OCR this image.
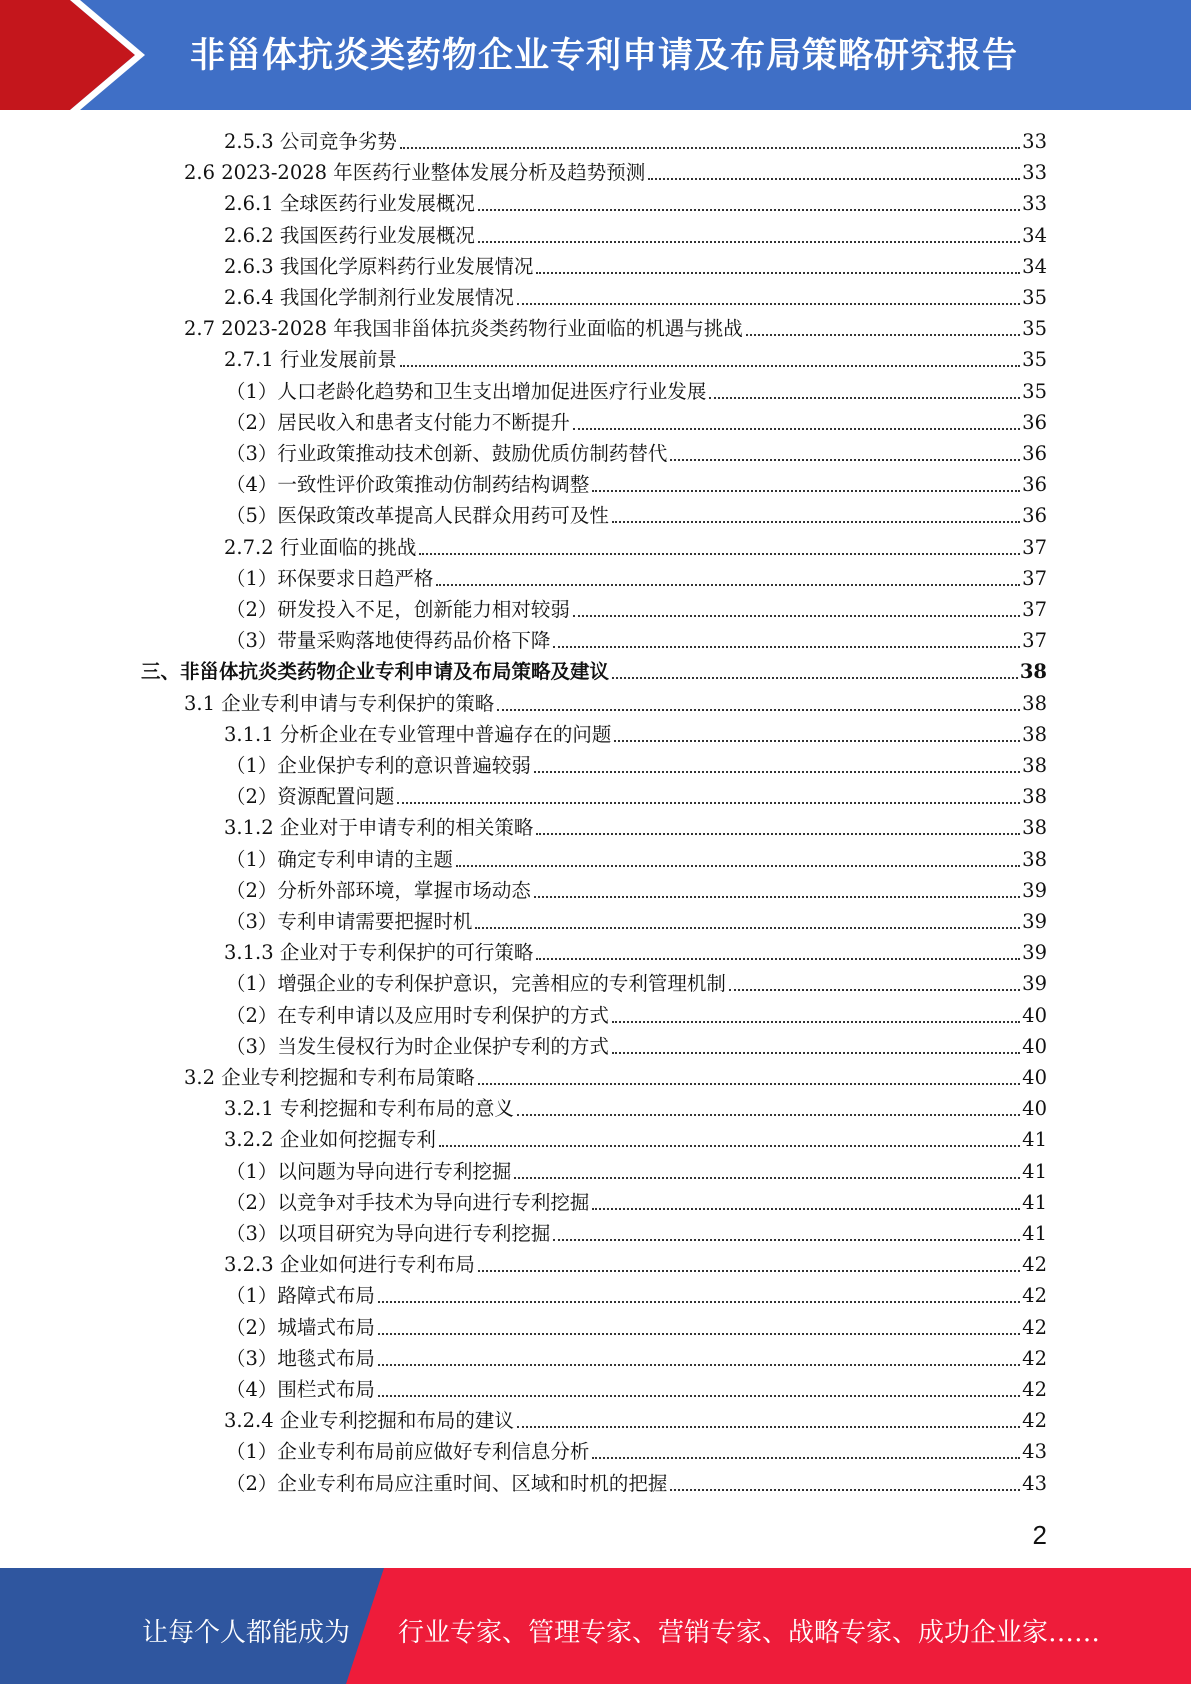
非甾体抗炎类药物企业专利申请及布局策略研究报告
2.5.3 公司竞争劣势	33
2.6 2023-2028 年医药行业整体发展分析及趋势预测	33
2.6.1 全球医药行业发展概况	33
2.6.2 我国医药行业发展概况	34
2.6.3 我国化学原料药行业发展情况	34
2.6.4 我国化学制剂行业发展情况	35
2.7 2023-2028 年我国非甾体抗炎类药物行业面临的机遇与挑战	35
2.7.1 行业发展前景	35
（1）人口老龄化趋势和卫生支出增加促进医疗行业发展	35
（2）居民收入和患者支付能力不断提升	36
（3）行业政策推动技术创新、鼓励优质仿制药替代	36
（4）一致性评价政策推动仿制药结构调整	36
（5）医保政策改革提高人民群众用药可及性	36
2.7.2 行业面临的挑战	37
（1）环保要求日趋严格	37
（2）研发投入不足，创新能力相对较弱	37
（3）带量采购落地使得药品价格下降	37
三、非甾体抗炎类药物企业专利申请及布局策略及建议	38
3.1 企业专利申请与专利保护的策略	38
3.1.1 分析企业在专业管理中普遍存在的问题	38
（1）企业保护专利的意识普遍较弱	38
（2）资源配置问题	38
3.1.2 企业对于申请专利的相关策略	38
（1）确定专利申请的主题	38
（2）分析外部环境，掌握市场动态	39
（3）专利申请需要把握时机	39
3.1.3 企业对于专利保护的可行策略	39
（1）增强企业的专利保护意识，完善相应的专利管理机制	39
（2）在专利申请以及应用时专利保护的方式	40
（3）当发生侵权行为时企业保护专利的方式	40
3.2 企业专利挖掘和专利布局策略	40
3.2.1 专利挖掘和专利布局的意义	40
3.2.2 企业如何挖掘专利	41
（1）以问题为导向进行专利挖掘	41
（2）以竞争对手技术为导向进行专利挖掘	41
（3）以项目研究为导向进行专利挖掘	41
3.2.3 企业如何进行专利布局	42
（1）路障式布局	42
（2）城墙式布局	42
（3）地毯式布局	42
（4）围栏式布局	42
3.2.4 企业专利挖掘和布局的建议	42
（1）企业专利布局前应做好专利信息分析	43
（2）企业专利布局应注重时间、区域和时机的把握	43
2
让每个人都能成为 行业专家、管理专家、营销专家、战略专家、成功企业家……
